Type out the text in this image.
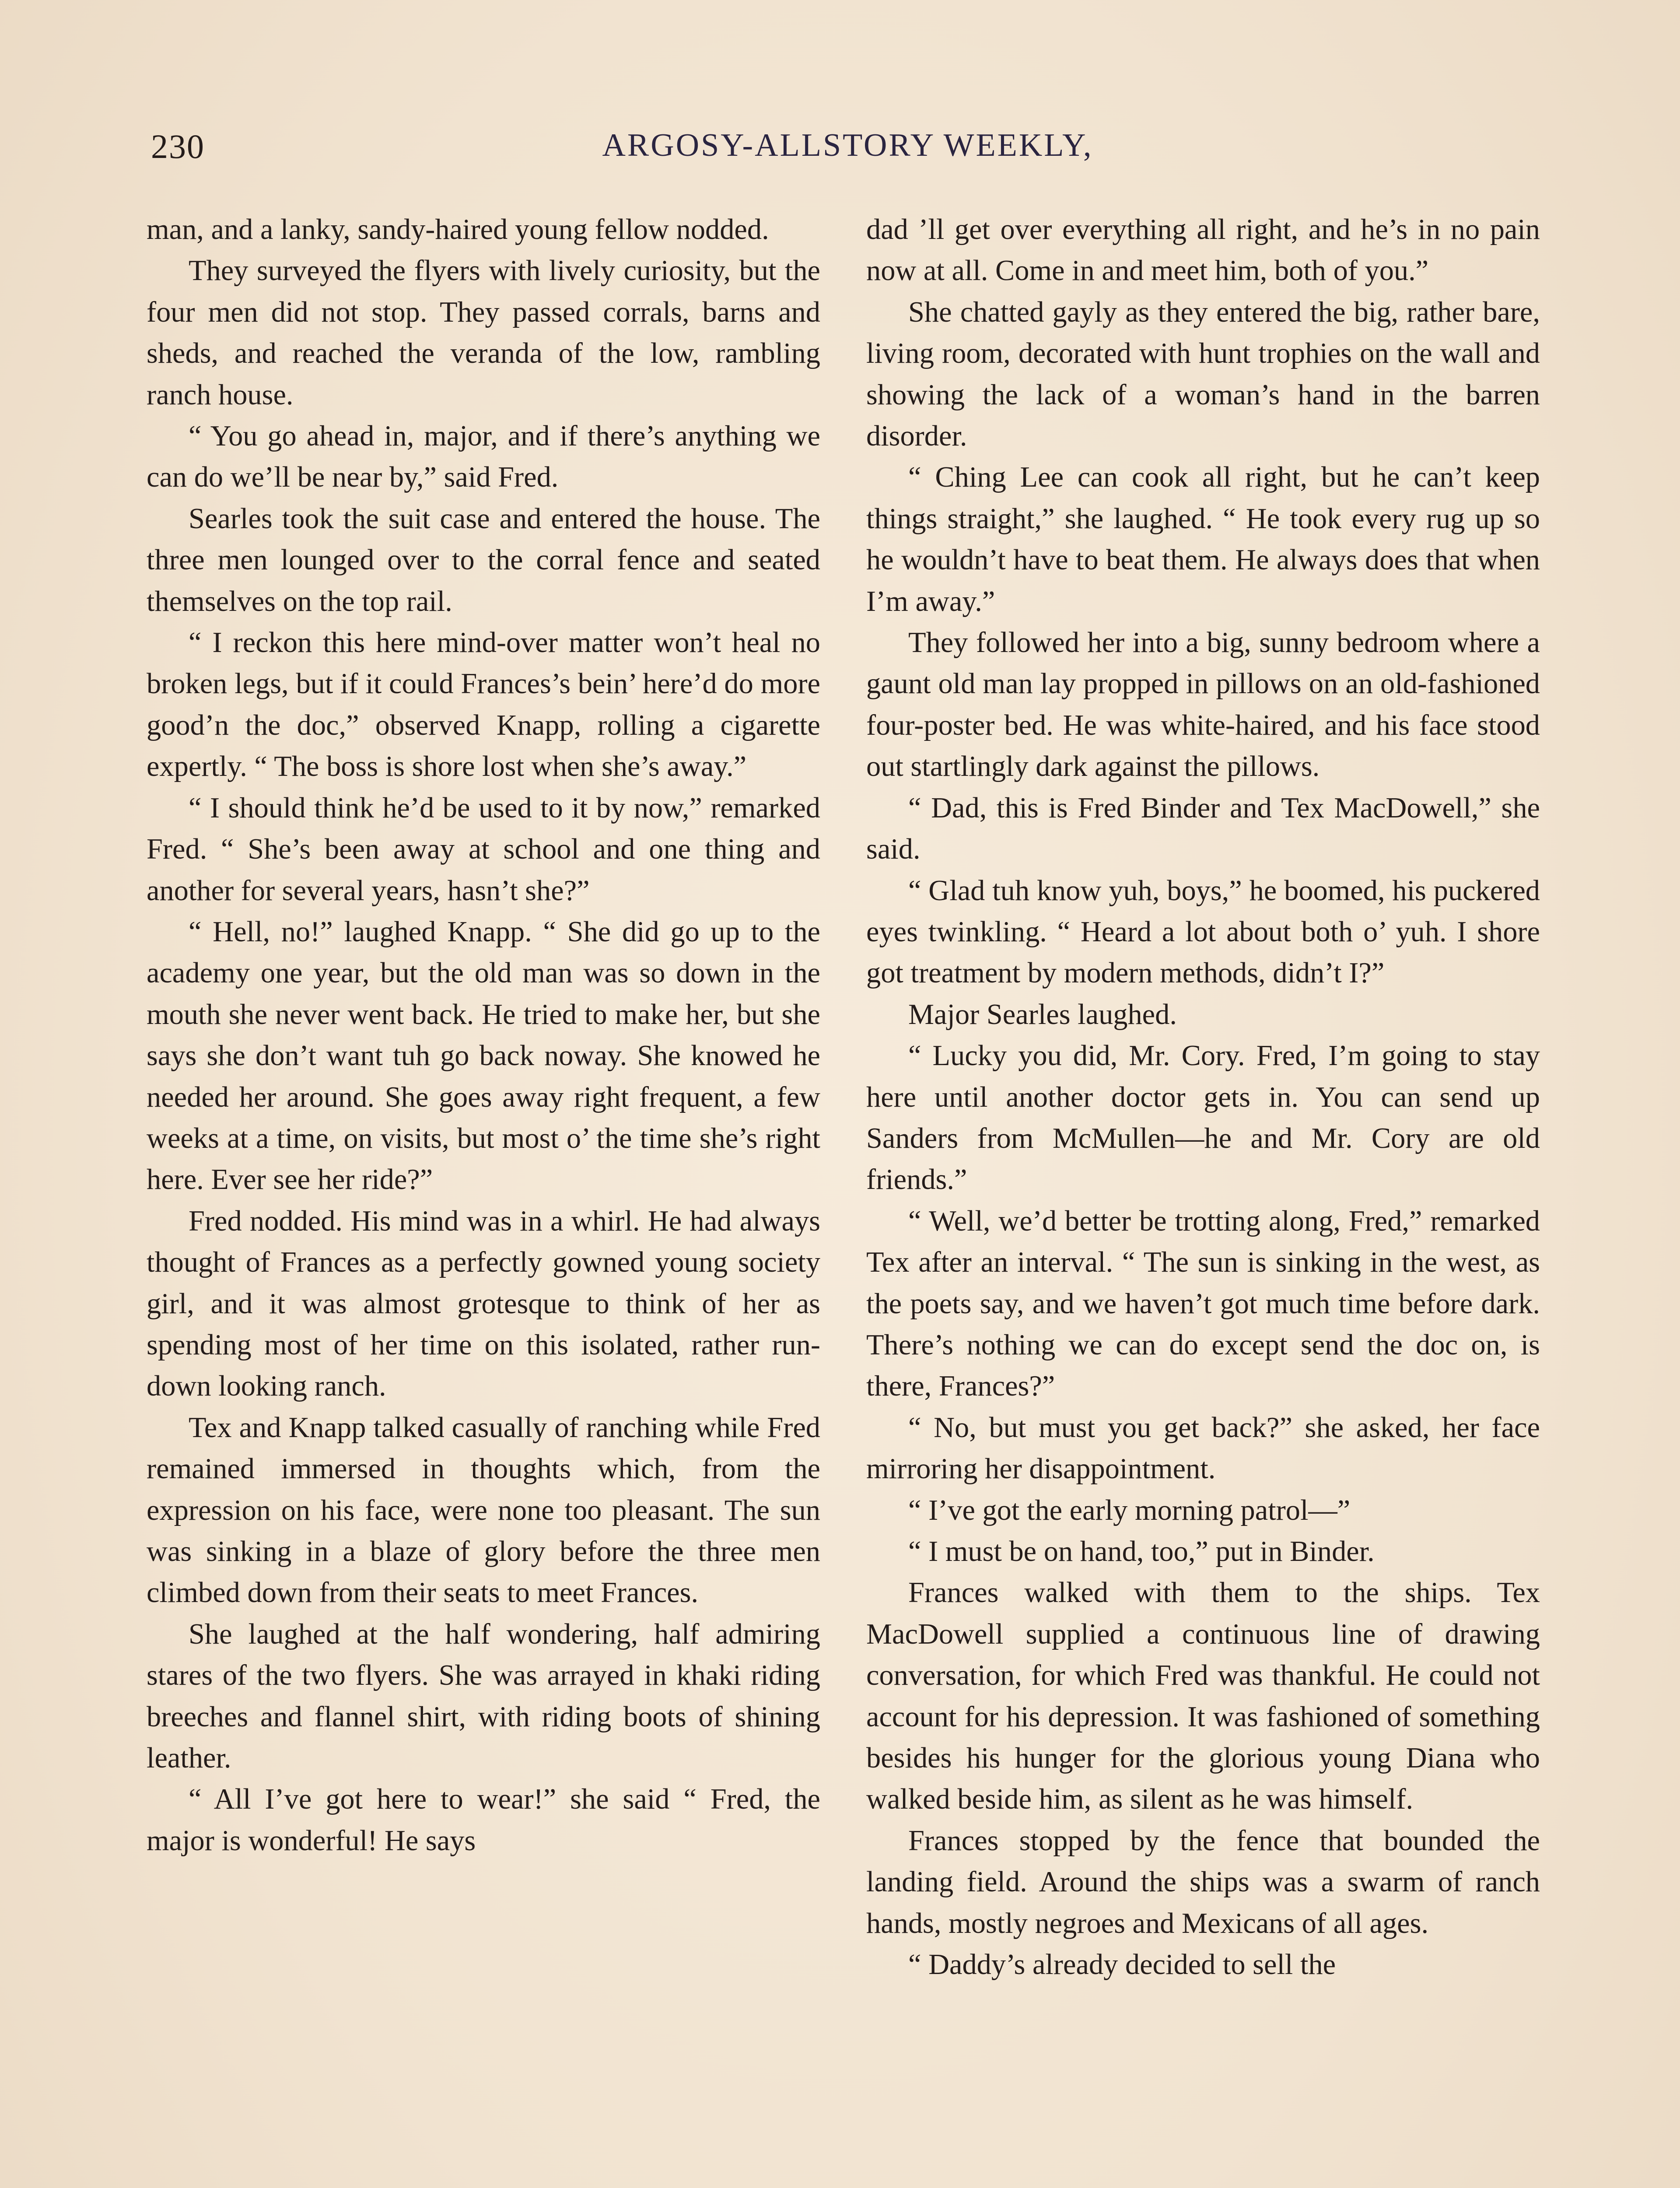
230	ARGOSY-ALLSTORY WEEKLY,

man, and a lanky, sandy-haired young fellow nodded.

They surveyed the flyers with lively curiosity, but the four men did not stop. They passed corrals, barns and sheds, and reached the veranda of the low, rambling ranch house.

“ You go ahead in, major, and if there’s anything we can do we’ll be near by,” said Fred.

Searles took the suit case and entered the house. The three men lounged over to the corral fence and seated themselves on the top rail.

“ I reckon this here mind-over matter won’t heal no broken legs, but if it could Frances’s bein’ here’d do more good’n the doc,” observed Knapp, rolling a cigarette expertly. “ The boss is shore lost when she’s away.”

“ I should think he’d be used to it by now,” remarked Fred. “ She’s been away at school and one thing and another for several years, hasn’t she?”

“ Hell, no!” laughed Knapp. “ She did go up to the academy one year, but the old man was so down in the mouth she never went back. He tried to make her, but she says she don’t want tuh go back noway. She knowed he needed her around. She goes away right frequent, a few weeks at a time, on visits, but most o’ the time she’s right here. Ever see her ride?”

Fred nodded. His mind was in a whirl. He had always thought of Frances as a perfectly gowned young society girl, and it was almost grotesque to think of her as spending most of her time on this isolated, rather run-down looking ranch.

Tex and Knapp talked casually of ranching while Fred remained immersed in thoughts which, from the expression on his face, were none too pleasant. The sun was sinking in a blaze of glory before the three men climbed down from their seats to meet Frances.

She laughed at the half wondering, half admiring stares of the two flyers. She was arrayed in khaki riding breeches and flannel shirt, with riding boots of shining leather.

“ All I’ve got here to wear!” she said “ Fred, the major is wonderful! He says

dad ’ll get over everything all right, and he’s in no pain now at all. Come in and meet him, both of you.”

She chatted gayly as they entered the big, rather bare, living room, decorated with hunt trophies on the wall and showing the lack of a woman’s hand in the barren disorder.

“ Ching Lee can cook all right, but he can’t keep things straight,” she laughed. “ He took every rug up so he wouldn’t have to beat them. He always does that when I’m away.”

They followed her into a big, sunny bedroom where a gaunt old man lay propped in pillows on an old-fashioned four-poster bed. He was white-haired, and his face stood out startlingly dark against the pillows.

“ Dad, this is Fred Binder and Tex MacDowell,” she said.

“ Glad tuh know yuh, boys,” he boomed, his puckered eyes twinkling. “ Heard a lot about both o’ yuh. I shore got treatment by modern methods, didn’t I?”

Major Searles laughed.

“ Lucky you did, Mr. Cory. Fred, I’m going to stay here until another doctor gets in. You can send up Sanders from McMullen—he and Mr. Cory are old friends.”

“ Well, we’d better be trotting along, Fred,” remarked Tex after an interval. “ The sun is sinking in the west, as the poets say, and we haven’t got much time before dark. There’s nothing we can do except send the doc on, is there, Frances?”

“ No, but must you get back?” she asked, her face mirroring her disappointment.

“ I’ve got the early morning patrol—”

“ I must be on hand, too,” put in Binder.

Frances walked with them to the ships. Tex MacDowell supplied a continuous line of drawing conversation, for which Fred was thankful. He could not account for his depression. It was fashioned of something besides his hunger for the glorious young Diana who walked beside him, as silent as he was himself.

Frances stopped by the fence that bounded the landing field. Around the ships was a swarm of ranch hands, mostly negroes and Mexicans of all ages.

“ Daddy’s already decided to sell the
